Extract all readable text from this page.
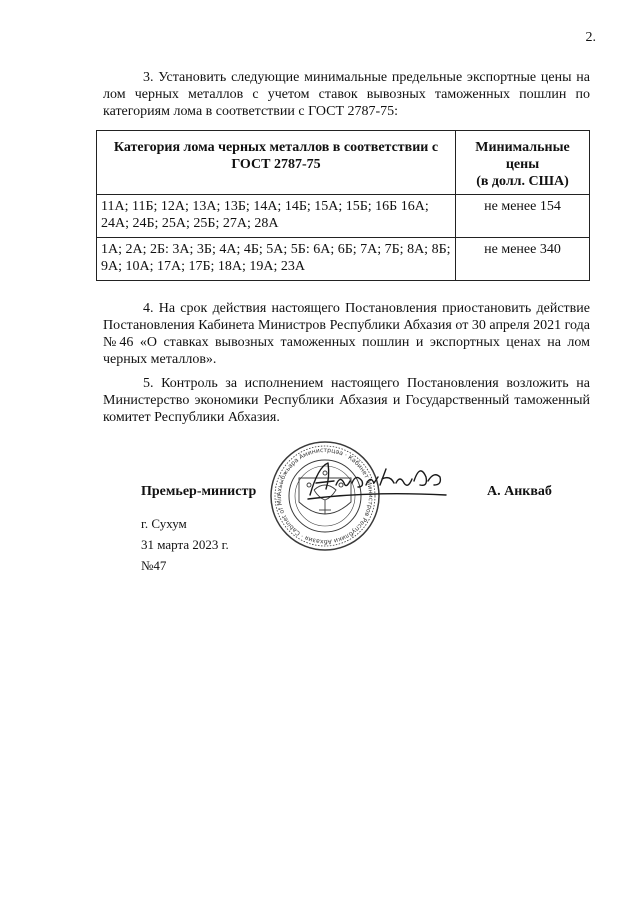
2.

3. Установить следующие минимальные предельные экспортные цены на лом черных металлов с учетом ставок вывозных таможенных пошлин по категориям лома в соответствии с ГОСТ 2787-75:

Категория лома черных металлов в соответствии с ГОСТ 2787-75	Минимальные
цены
(в долл. США)
11А; 11Б; 12А; 13А; 13Б; 14А; 14Б; 15А; 15Б; 16Б 16А; 24А; 24Б; 25А; 25Б; 27А; 28А	не менее 154
1А; 2А; 2Б: 3А; 3Б; 4А; 4Б; 5А; 5Б: 6А; 6Б; 7А; 7Б; 8А; 8Б; 9А; 10А; 17А; 17Б; 18А; 19А; 23А	не менее 340

4. На срок действия настоящего Постановления приостановить действие Постановления Кабинета Министров Республики Абхазия от 30 апреля 2021 года №46 «О ставках вывозных таможенных пошлин и экспортных ценах на лом черных металлов».

5. Контроль за исполнением настоящего Постановления возложить на Министерство экономики Республики Абхазия и Государственный таможенный комитет Республики Абхазия.

Ахьыбжьара Аминистрцәа · Кабинет Министров Республики Абхазия · Cabinet of Min
Премьер-министр	А. Анкваб
г. Сухум
31 марта 2023 г.
№47
